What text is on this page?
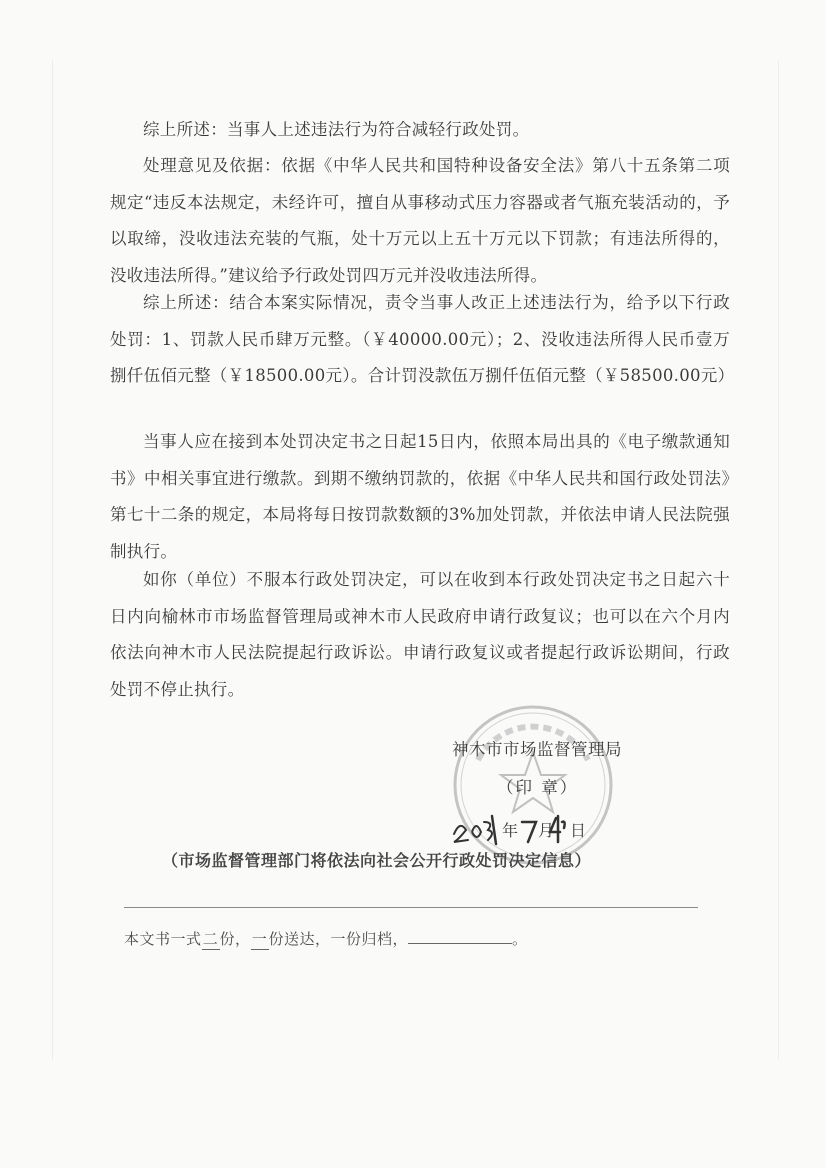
综上所述：当事人上述违法行为符合减轻行政处罚。

处理意见及依据：依据《中华人民共和国特种设备安全法》第八十五条第二项规定“违反本法规定，未经许可，擅自从事移动式压力容器或者气瓶充装活动的，予以取缔，没收违法充装的气瓶，处十万元以上五十万元以下罚款；有违法所得的，没收违法所得。”建议给予行政处罚四万元并没收违法所得。

综上所述：结合本案实际情况，责令当事人改正上述违法行为，给予以下行政处罚：1、罚款人民币肆万元整。（￥40000.00元）；2、没收违法所得人民币壹万捌仟伍佰元整（￥18500.00元）。合计罚没款伍万捌仟伍佰元整（￥58500.00元）

当事人应在接到本处罚决定书之日起15日内，依照本局出具的《电子缴款通知书》中相关事宜进行缴款。到期不缴纳罚款的，依据《中华人民共和国行政处罚法》第七十二条的规定，本局将每日按罚款数额的3%加处罚款，并依法申请人民法院强制执行。

如你（单位）不服本行政处罚决定，可以在收到本行政处罚决定书之日起六十日内向榆林市市场监督管理局或神木市人民政府申请行政复议；也可以在六个月内依法向神木市人民法院提起行政诉讼。申请行政复议或者提起行政诉讼期间，行政处罚不停止执行。

神木市市场监督管理局
（印 章）
年 月 日
（市场监督管理部门将依法向社会公开行政处罚决定信息）
本文书一式二份，一份送达，一份归档，	。
